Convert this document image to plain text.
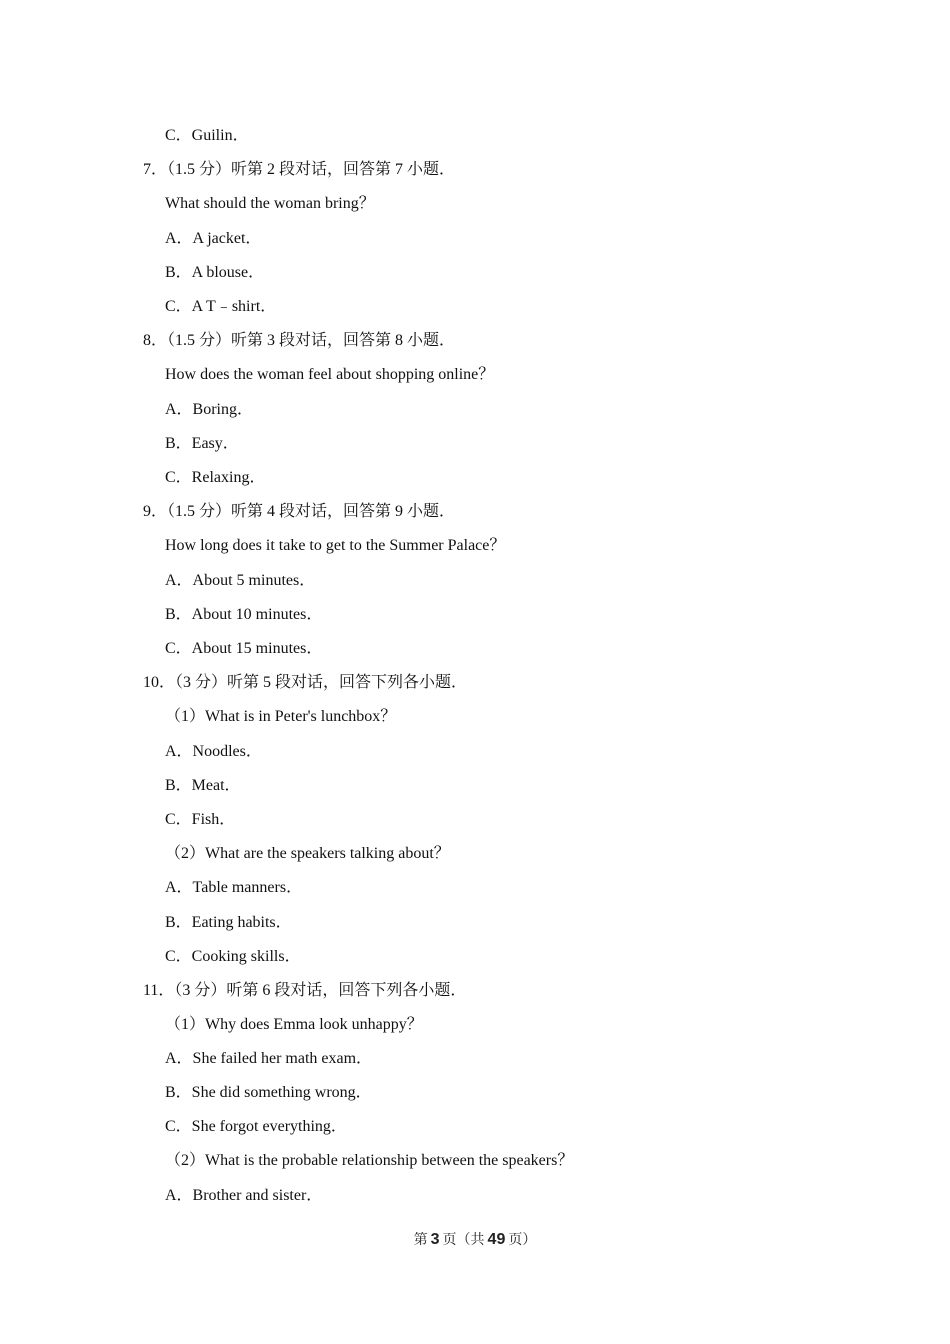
C．Guilin．
7．（1.5 分）听第 2 段对话，回答第 7 小题．
What should the woman bring？
A．A jacket．
B．A blouse．
C．A T﹣shirt．
8．（1.5 分）听第 3 段对话，回答第 8 小题．
How does the woman feel about shopping online？
A．Boring．
B．Easy．
C．Relaxing．
9．（1.5 分）听第 4 段对话，回答第 9 小题．
How long does it take to get to the Summer Palace？
A．About 5 minutes．
B．About 10 minutes．
C．About 15 minutes．
10．（3 分）听第 5 段对话，回答下列各小题．
（1）What is in Peter's lunchbox？
A．Noodles．
B．Meat．
C．Fish．
（2）What are the speakers talking about？
A．Table manners．
B．Eating habits．
C．Cooking skills．
11．（3 分）听第 6 段对话，回答下列各小题．
（1）Why does Emma look unhappy？
A．She failed her math exam．
B．She did something wrong．
C．She forgot everything．
（2）What is the probable relationship between the speakers？
A．Brother and sister．
第 3 页（共 49 页）
